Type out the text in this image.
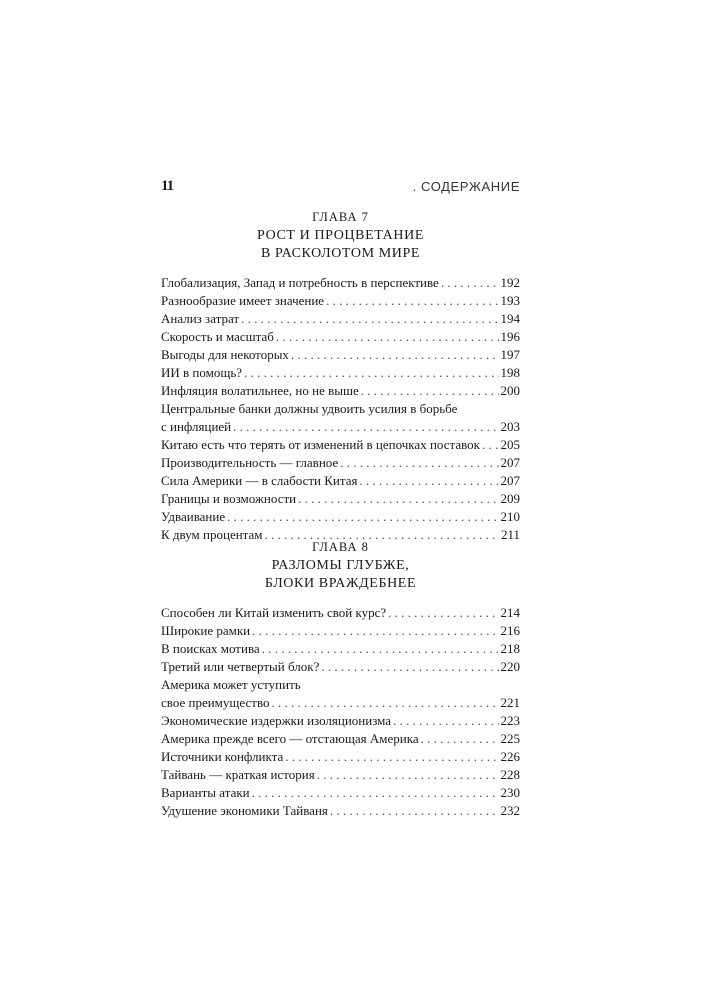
11	. СОДЕРЖАНИЕ
ГЛАВА 7
РОСТ И ПРОЦВЕТАНИЕ
В РАСКОЛОТОМ МИРЕ
Глобализация, Запад и потребность в перспективе . . .	192
Разнообразие имеет значение . . .	193
Анализ затрат . . .	194
Скорость и масштаб . . .	196
Выгоды для некоторых . . .	197
ИИ в помощь? . . .	198
Инфляция волатильнее, но не выше . . .	200
Центральные банки должны удвоить усилия в борьбе
с инфляцией . . .	203
Китаю есть что терять от изменений в цепочках поставок . . . 205
Производительность — главное . . .	207
Сила Америки — в слабости Китая . . .	207
Границы и возможности . . .	209
Удваивание . . .	210
К двум процентам . . .	211
ГЛАВА 8
РАЗЛОМЫ ГЛУБЖЕ,
БЛОКИ ВРАЖДЕБНЕЕ
Способен ли Китай изменить свой курс? . . .	214
Широкие рамки . . .	216
В поисках мотива . . .	218
Третий или четвертый блок? . . .	220
Америка может уступить
свое преимущество . . .	221
Экономические издержки изоляционизма . . .	223
Америка прежде всего — отстающая Америка . . .	225
Источники конфликта . . .	226
Тайвань — краткая история . . .	228
Варианты атаки . . .	230
Удушение экономики Тайваня . . .	232
